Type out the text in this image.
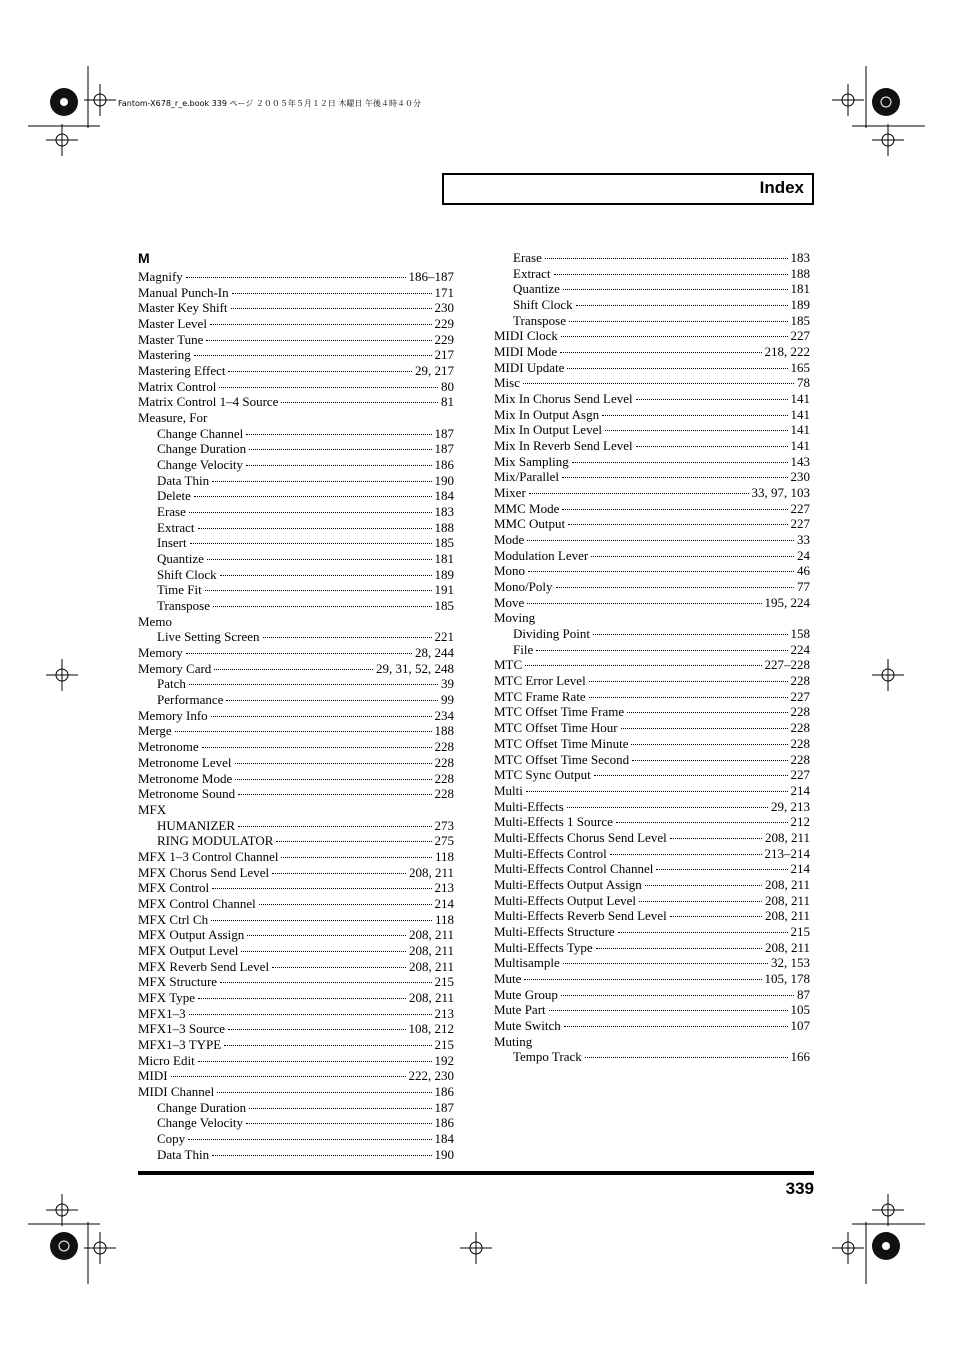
Fantom-X678_r_e.book 339 ページ ２００５年５月１２日 木曜日 午後４時４０分
Index
M
Magnify	186–187
Manual Punch-In	171
Master Key Shift	230
Master Level	229
Master Tune	229
Mastering	217
Mastering Effect	29, 217
Matrix Control	80
Matrix Control 1–4 Source	81
Measure, For
Change Channel	187
Change Duration	187
Change Velocity	186
Data Thin	190
Delete	184
Erase	183
Extract	188
Insert	185
Quantize	181
Shift Clock	189
Time Fit	191
Transpose	185
Memo
Live Setting Screen	221
Memory	28, 244
Memory Card	29, 31, 52, 248
Patch	39
Performance	99
Memory Info	234
Merge	188
Metronome	228
Metronome Level	228
Metronome Mode	228
Metronome Sound	228
MFX
HUMANIZER	273
RING MODULATOR	275
MFX 1–3 Control Channel	118
MFX Chorus Send Level	208, 211
MFX Control	213
MFX Control Channel	214
MFX Ctrl Ch	118
MFX Output Assign	208, 211
MFX Output Level	208, 211
MFX Reverb Send Level	208, 211
MFX Structure	215
MFX Type	208, 211
MFX1–3	213
MFX1–3 Source	108, 212
MFX1–3 TYPE	215
Micro Edit	192
MIDI	222, 230
MIDI Channel	186
Change Duration	187
Change Velocity	186
Copy	184
Data Thin	190
Erase	183
Extract	188
Quantize	181
Shift Clock	189
Transpose	185
MIDI Clock	227
MIDI Mode	218, 222
MIDI Update	165
Misc	78
Mix In Chorus Send Level	141
Mix In Output Asgn	141
Mix In Output Level	141
Mix In Reverb Send Level	141
Mix Sampling	143
Mix/Parallel	230
Mixer	33, 97, 103
MMC Mode	227
MMC Output	227
Mode	33
Modulation Lever	24
Mono	46
Mono/Poly	77
Move	195, 224
Moving
Dividing Point	158
File	224
MTC	227–228
MTC Error Level	228
MTC Frame Rate	227
MTC Offset Time Frame	228
MTC Offset Time Hour	228
MTC Offset Time Minute	228
MTC Offset Time Second	228
MTC Sync Output	227
Multi	214
Multi-Effects	29, 213
Multi-Effects 1 Source	212
Multi-Effects Chorus Send Level	208, 211
Multi-Effects Control	213–214
Multi-Effects Control Channel	214
Multi-Effects Output Assign	208, 211
Multi-Effects Output Level	208, 211
Multi-Effects Reverb Send Level	208, 211
Multi-Effects Structure	215
Multi-Effects Type	208, 211
Multisample	32, 153
Mute	105, 178
Mute Group	87
Mute Part	105
Mute Switch	107
Muting
Tempo Track	166
339
